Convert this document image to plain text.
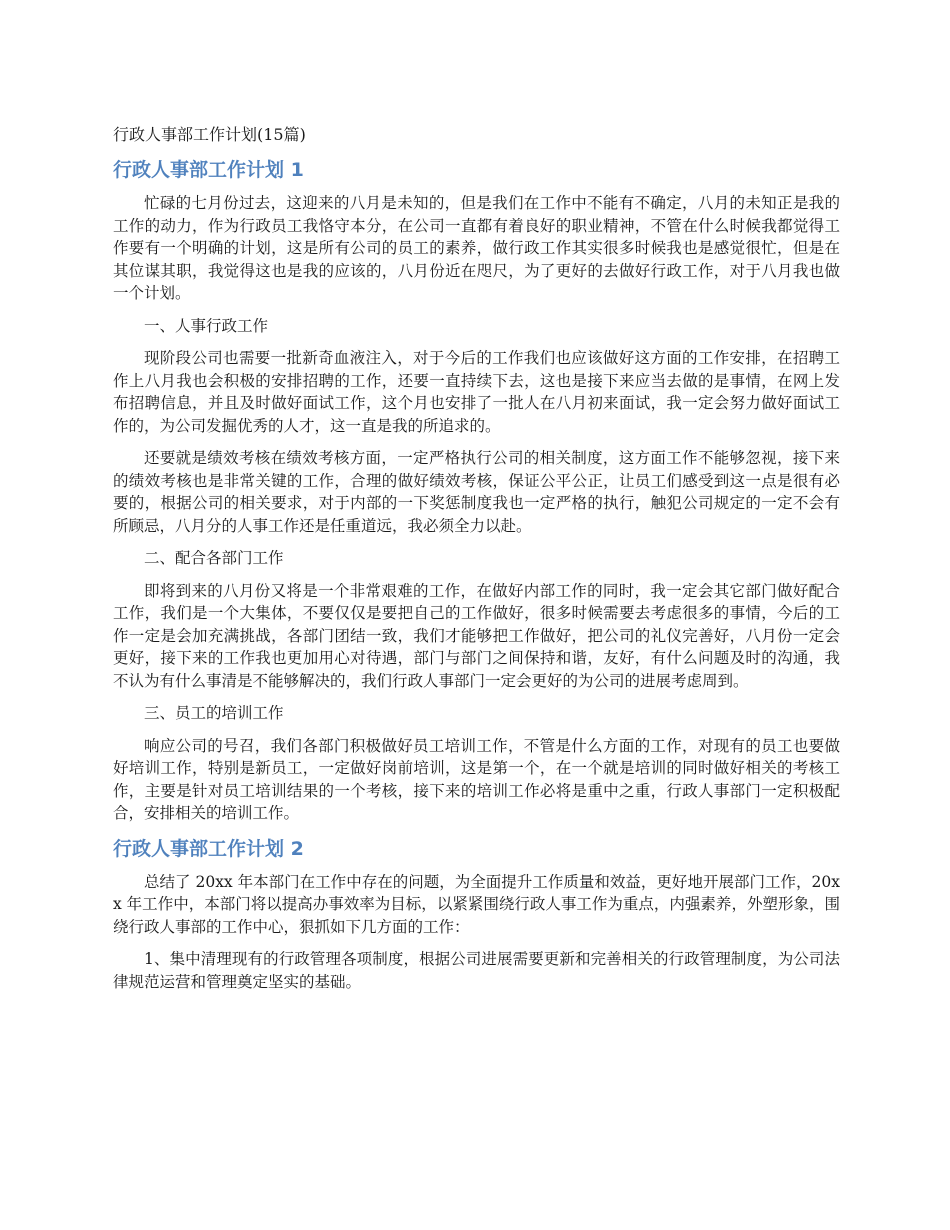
行政人事部工作计划(15篇)
行政人事部工作计划 1

忙碌的七月份过去，这迎来的八月是未知的，但是我们在工作中不能有不确定，八月的未知正是我的工作的动力，作为行政员工我恪守本分，在公司一直都有着良好的职业精神，不管在什么时候我都觉得工作要有一个明确的计划，这是所有公司的员工的素养，做行政工作其实很多时候我也是感觉很忙，但是在其位谋其职，我觉得这也是我的应该的，八月份近在咫尺，为了更好的去做好行政工作，对于八月我也做一个计划。

一、人事行政工作

现阶段公司也需要一批新奇血液注入，对于今后的工作我们也应该做好这方面的工作安排，在招聘工作上八月我也会积极的安排招聘的工作，还要一直持续下去，这也是接下来应当去做的是事情，在网上发布招聘信息，并且及时做好面试工作，这个月也安排了一批人在八月初来面试，我一定会努力做好面试工作的，为公司发掘优秀的人才，这一直是我的所追求的。

还要就是绩效考核在绩效考核方面，一定严格执行公司的相关制度，这方面工作不能够忽视，接下来的绩效考核也是非常关键的工作，合理的做好绩效考核，保证公平公正，让员工们感受到这一点是很有必要的，根据公司的相关要求，对于内部的一下奖惩制度我也一定严格的执行，触犯公司规定的一定不会有所顾忌，八月分的人事工作还是任重道远，我必须全力以赴。

二、配合各部门工作

即将到来的八月份又将是一个非常艰难的工作，在做好内部工作的同时，我一定会其它部门做好配合工作，我们是一个大集体，不要仅仅是要把自己的工作做好，很多时候需要去考虑很多的事情，今后的工作一定是会加充满挑战，各部门团结一致，我们才能够把工作做好，把公司的礼仪完善好，八月份一定会更好，接下来的工作我也更加用心对待遇，部门与部门之间保持和谐，友好，有什么问题及时的沟通，我不认为有什么事清是不能够解决的，我们行政人事部门一定会更好的为公司的进展考虑周到。

三、员工的培训工作

响应公司的号召，我们各部门积极做好员工培训工作，不管是什么方面的工作，对现有的员工也要做好培训工作，特别是新员工，一定做好岗前培训，这是第一个，在一个就是培训的同时做好相关的考核工作，主要是针对员工培训结果的一个考核，接下来的培训工作必将是重中之重，行政人事部门一定积极配合，安排相关的培训工作。

行政人事部工作计划 2

总结了 20xx 年本部门在工作中存在的问题，为全面提升工作质量和效益，更好地开展部门工作，20xx 年工作中，本部门将以提高办事效率为目标，以紧紧围绕行政人事工作为重点，内强素养，外塑形象，围绕行政人事部的工作中心，狠抓如下几方面的工作：

1、集中清理现有的行政管理各项制度，根据公司进展需要更新和完善相关的行政管理制度，为公司法律规范运营和管理奠定坚实的基础。
